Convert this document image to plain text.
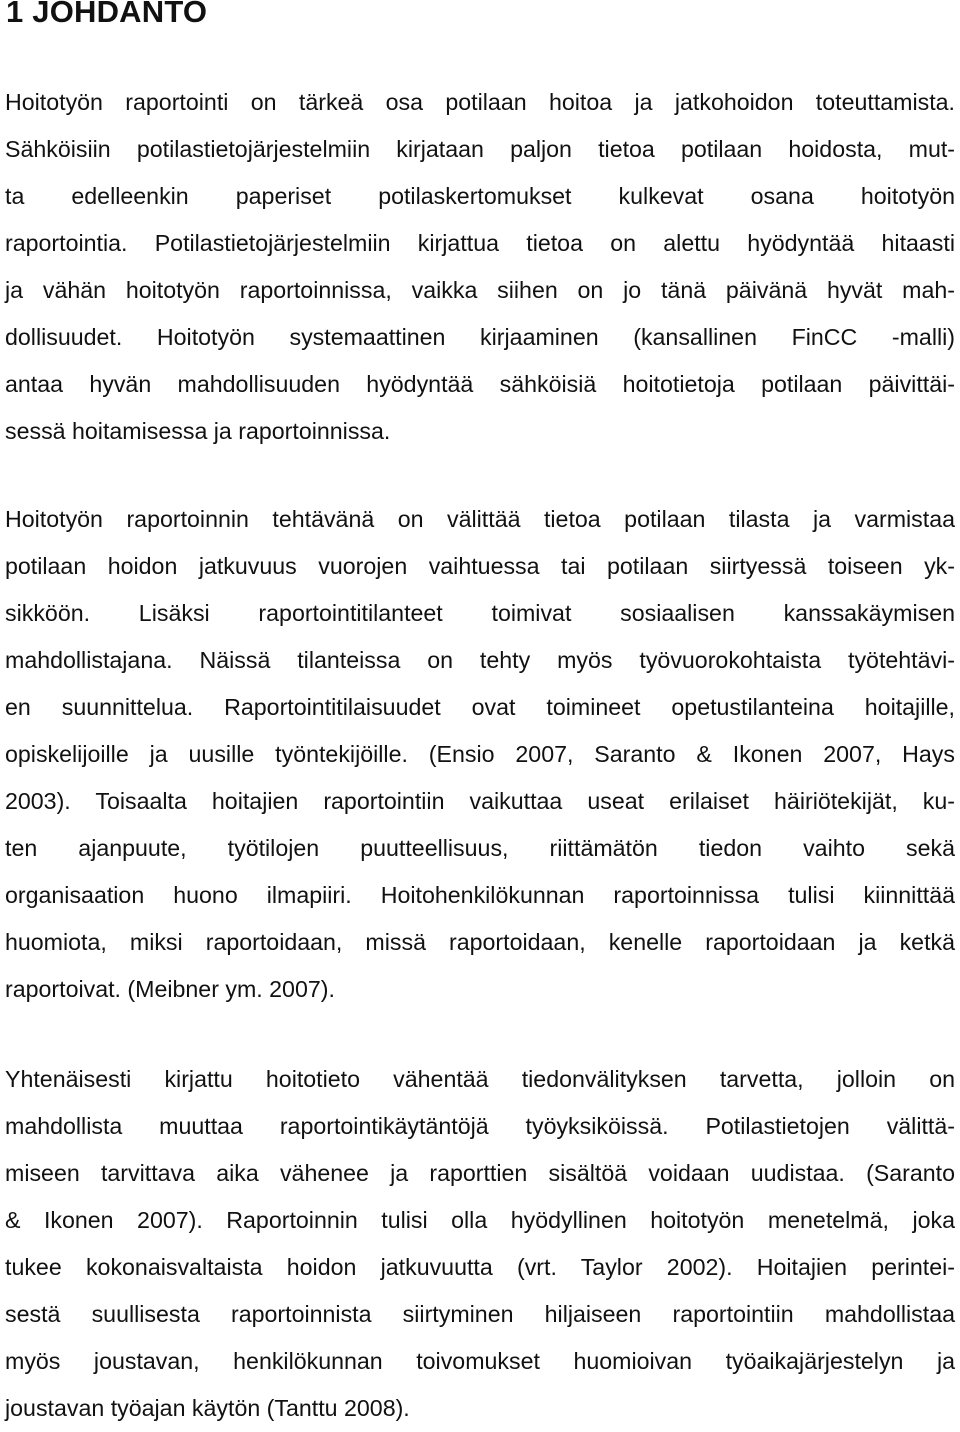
1 JOHDANTO
Hoitotyön raportointi on tärkeä osa potilaan hoitoa ja jatkohoidon toteuttamista.
Sähköisiin potilastietojärjestelmiin kirjataan paljon tietoa potilaan hoidosta, mut-
ta edelleenkin paperiset potilaskertomukset kulkevat osana hoitotyön
raportointia. Potilastietojärjestelmiin kirjattua tietoa on alettu hyödyntää hitaasti
ja vähän hoitotyön raportoinnissa, vaikka siihen on jo tänä päivänä hyvät mah-
dollisuudet. Hoitotyön systemaattinen kirjaaminen (kansallinen FinCC -malli)
antaa hyvän mahdollisuuden hyödyntää sähköisiä hoitotietoja potilaan päivittäi-
sessä hoitamisessa ja raportoinnissa.
Hoitotyön raportoinnin tehtävänä on välittää tietoa potilaan tilasta ja varmistaa
potilaan hoidon jatkuvuus vuorojen vaihtuessa tai potilaan siirtyessä toiseen yk-
sikköön. Lisäksi raportointitilanteet toimivat sosiaalisen kanssakäymisen
mahdollistajana. Näissä tilanteissa on tehty myös työvuorokohtaista työtehtävi-
en suunnittelua. Raportointitilaisuudet ovat toimineet opetustilanteina hoitajille,
opiskelijoille ja uusille työntekijöille. (Ensio 2007, Saranto & Ikonen 2007, Hays
2003). Toisaalta hoitajien raportointiin vaikuttaa useat erilaiset häiriötekijät, ku-
ten ajanpuute, työtilojen puutteellisuus, riittämätön tiedon vaihto sekä
organisaation huono ilmapiiri. Hoitohenkilökunnan raportoinnissa tulisi kiinnittää
huomiota, miksi raportoidaan, missä raportoidaan, kenelle raportoidaan ja ketkä
raportoivat. (Meibner ym. 2007).
Yhtenäisesti kirjattu hoitotieto vähentää tiedonvälityksen tarvetta, jolloin on
mahdollista muuttaa raportointikäytäntöjä työyksiköissä. Potilastietojen välittä-
miseen tarvittava aika vähenee ja raporttien sisältöä voidaan uudistaa. (Saranto
& Ikonen 2007). Raportoinnin tulisi olla hyödyllinen hoitotyön menetelmä, joka
tukee kokonaisvaltaista hoidon jatkuvuutta (vrt. Taylor 2002). Hoitajien perintei-
sestä suullisesta raportoinnista siirtyminen hiljaiseen raportointiin mahdollistaa
myös joustavan, henkilökunnan toivomukset huomioivan työaikajärjestelyn ja
joustavan työajan käytön (Tanttu 2008).
